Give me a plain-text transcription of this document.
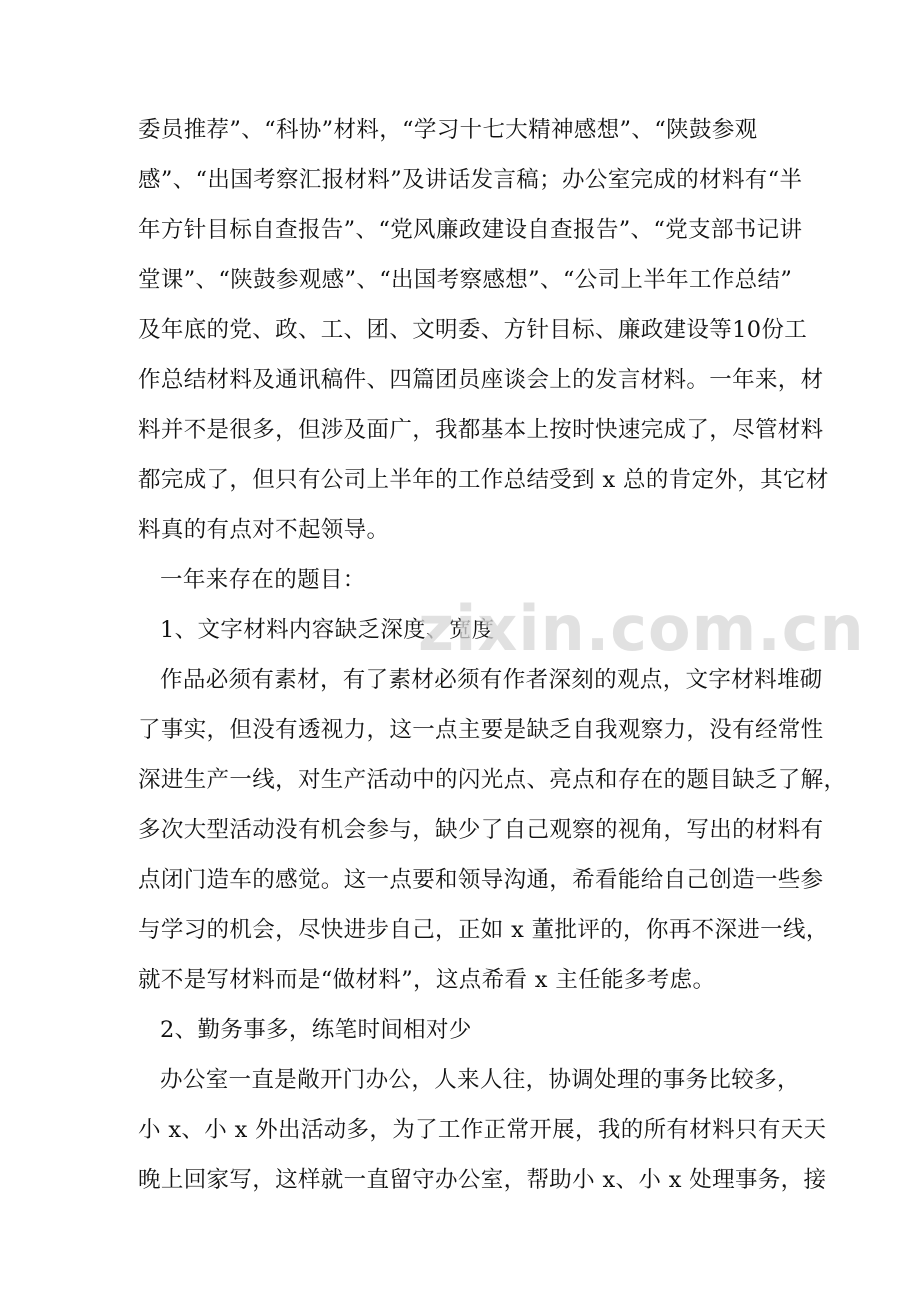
委员推荐”、“科协”材料，“学习十七大精神感想”、“陕鼓参观
感”、“出国考察汇报材料”及讲话发言稿；办公室完成的材料有“半
年方针目标自查报告”、“党风廉政建设自查报告”、“党支部书记讲
堂课”、“陕鼓参观感”、“出国考察感想”、“公司上半年工作总结”
及年底的党、政、工、团、文明委、方针目标、廉政建设等10份工
作总结材料及通讯稿件、四篇团员座谈会上的发言材料。一年来，材
料并不是很多，但涉及面广，我都基本上按时快速完成了，尽管材料
都完成了，但只有公司上半年的工作总结受到 x 总的肯定外，其它材
料真的有点对不起领导。
一年来存在的题目：
1、文字材料内容缺乏深度、宽度
作品必须有素材，有了素材必须有作者深刻的观点，文字材料堆砌
了事实，但没有透视力，这一点主要是缺乏自我观察力，没有经常性
深进生产一线，对生产活动中的闪光点、亮点和存在的题目缺乏了解，
多次大型活动没有机会参与，缺少了自己观察的视角，写出的材料有
点闭门造车的感觉。这一点要和领导沟通，希看能给自己创造一些参
与学习的机会，尽快进步自己，正如 x 董批评的，你再不深进一线，
就不是写材料而是“做材料”，这点希看 x 主任能多考虑。
2、勤务事多，练笔时间相对少
办公室一直是敞开门办公，人来人往，协调处理的事务比较多，
小 x、小 x 外出活动多，为了工作正常开展，我的所有材料只有天天
晚上回家写，这样就一直留守办公室，帮助小 x、小 x 处理事务，接
zixin.com.cn
